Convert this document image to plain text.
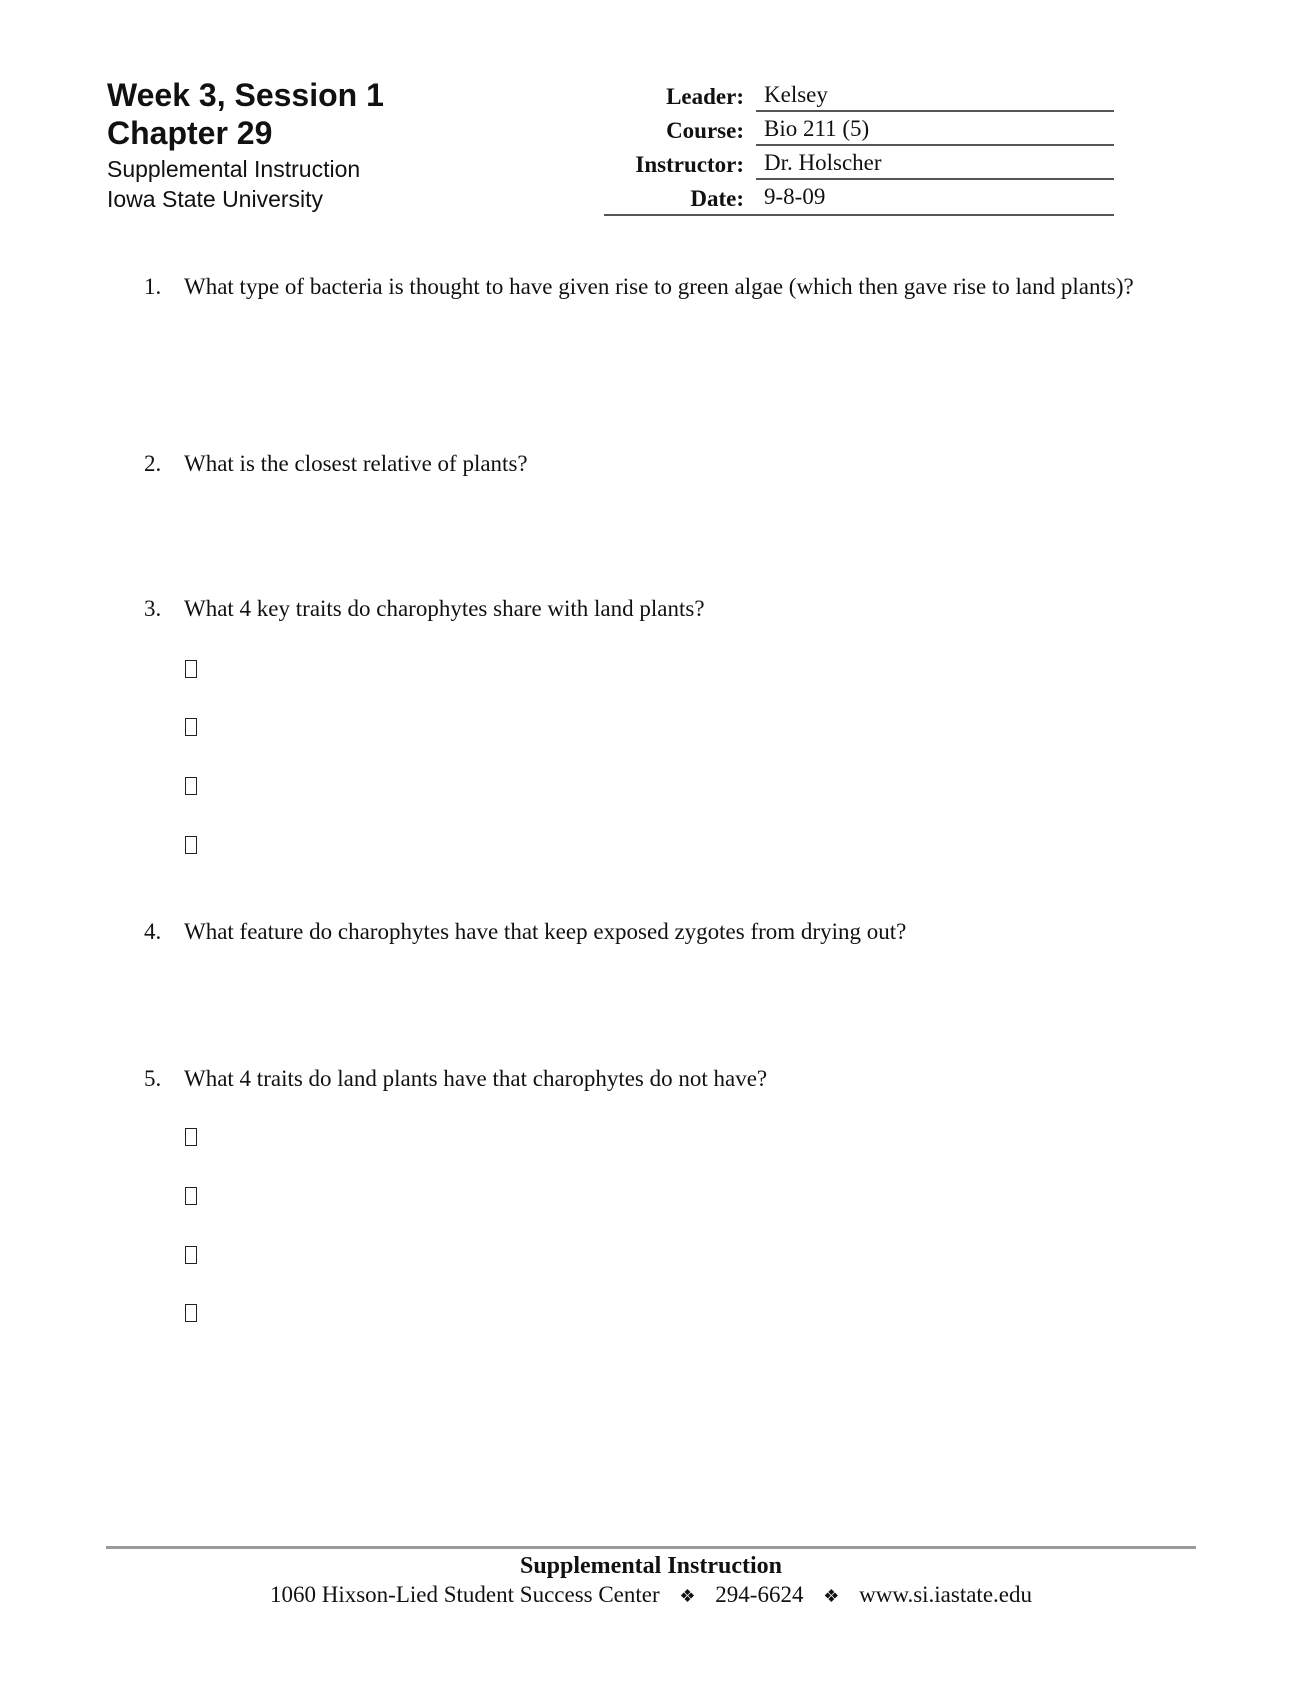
Week 3, Session 1

Chapter 29

Supplemental Instruction

Iowa State University

Leader: Kelsey
Course: Bio 211 (5)
Instructor: Dr. Holscher
Date: 9-8-09
1. What type of bacteria is thought to have given rise to green algae (which then gave rise to land plants)?
2. What is the closest relative of plants?
3. What 4 key traits do charophytes share with land plants?
4. What feature do charophytes have that keep exposed zygotes from drying out?
5. What 4 traits do land plants have that charophytes do not have?
Supplemental Instruction
1060 Hixson-Lied Student Success Center ❖ 294-6624 ❖ www.si.iastate.edu
